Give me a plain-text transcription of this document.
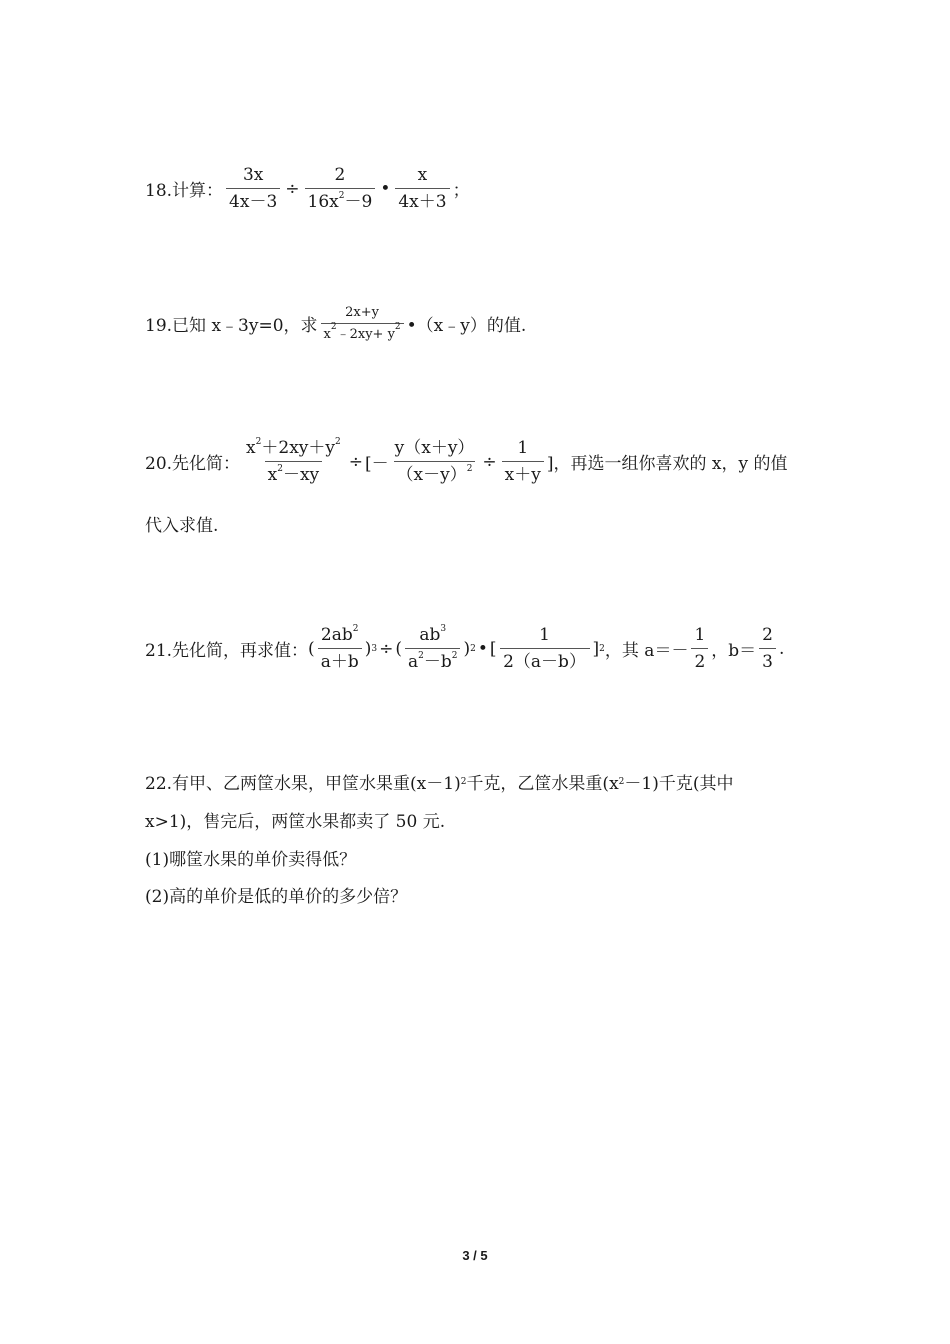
18.计算： $\frac{3x}{4x-3} \div \frac{2}{16x^2-9}$ • $\frac{x}{4x+3}$ ；
19.已知 x﹣3y=0，求 $\frac{2x+y}{x^2﹣2xy+ y^2}$ •（x﹣y）的值.
20.先化简： $\frac{x^2+2xy+y^2}{x^2-xy}$ ÷ [－ $\frac{y(x+y)}{(x-y)^2} \div \frac{1}{x+y}$ ]，再选一组你喜欢的 x，y 的值
代入求值.
21.先化简，再求值： ( $\frac{2ab^2}{a+b}$ ) 3 ÷ ( $\frac{ab^3}{a^2-b^2}$ ) 2 • [ $\frac{1}{2(a-b)}$ ] 2 ，其 $a=- \frac{1}{2}$ ，$b= \frac{2}{3}$ .
22.有甲、乙两筐水果，甲筐水果重(x－1) 2 千克，乙筐水果重(x 2 －1)千克(其中
x>1)，售完后，两筐水果都卖了 50 元.
(1)哪筐水果的单价卖得低？
(2)高的单价是低的单价的多少倍？
3 / 5
